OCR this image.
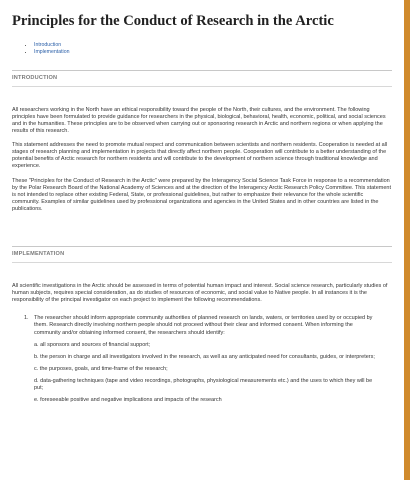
Principles for the Conduct of Research in the Arctic
• Introduction
• Implementation
INTRODUCTION

All researchers working in the North have an ethical responsibility toward the people of the North, their cultures, and the environment. The following principles have been formulated to provide guidance for researchers in the physical, biological, behavioral, health, economic, political, and social sciences and in the humanities. These principles are to be observed when carrying out or sponsoring research in Arctic and northern regions or when applying the results of this research.

This statement addresses the need to promote mutual respect and communication between scientists and northern residents. Cooperation is needed at all stages of research planning and implementation in projects that directly affect northern people. Cooperation will contribute to a better understanding of the potential benefits of Arctic research for northern residents and will contribute to the development of northern science through traditional knowledge and experience.

These "Principles for the Conduct of Research in the Arctic" were prepared by the Interagency Social Science Task Force in response to a recommendation by the Polar Research Board of the National Academy of Sciences and at the direction of the Interagency Arctic Research Policy Committee. This statement is not intended to replace other existing Federal, State, or professional guidelines, but rather to emphasize their relevance for the whole scientific community. Examples of similar guidelines used by professional organizations and agencies in the United States and in other countries are listed in the publications.

IMPLEMENTATION

All scientific investigations in the Arctic should be assessed in terms of potential human impact and interest. Social science research, particularly studies of human subjects, requires special consideration, as do studies of resources of economic, and social value to Native people. In all instances it is the responsibility of the principal investigator on each project to implement the following recommendations.

1. The researcher should inform appropriate community authorities of planned research on lands, waters, or territories used by or occupied by them. Research directly involving northern people should not proceed without their clear and informed consent. When informing the community and/or obtaining informed consent, the researchers should identify:
a. all sponsors and sources of financial support;
b. the person in charge and all investigators involved in the research, as well as any anticipated need for consultants, guides, or interpreters;
c. the purposes, goals, and time-frame of the research;
d. data-gathering techniques (tape and video recordings, photographs, physiological measurements etc.) and the uses to which they will be put;
e. foreseeable positive and negative implications and impacts of the research
